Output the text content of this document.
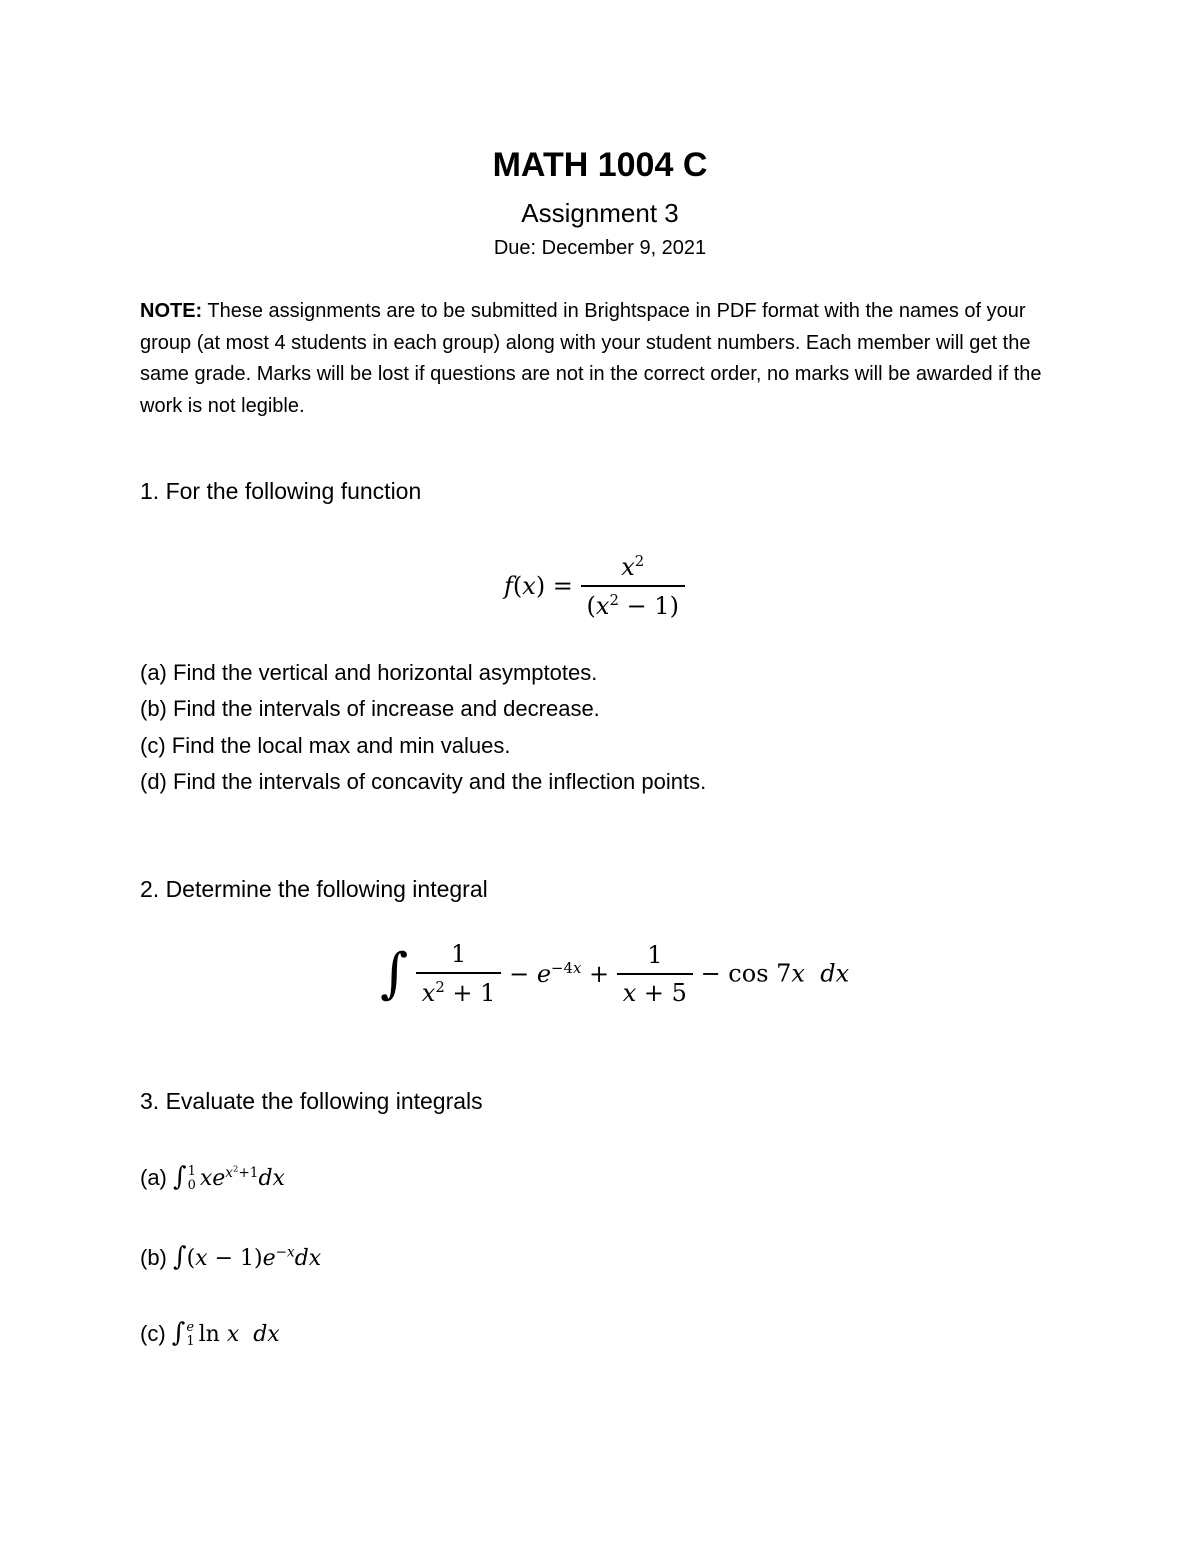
MATH 1004 C
Assignment 3
Due: December 9, 2021
NOTE: These assignments are to be submitted in Brightspace in PDF format with the names of your group (at most 4 students in each group) along with your student numbers. Each member will get the same grade. Marks will be lost if questions are not in the correct order, no marks will be awarded if the work is not legible.
1. For the following function
$f(x) = \frac{x^2}{(x^2 - 1)}$
(a) Find the vertical and horizontal asymptotes.
(b) Find the intervals of increase and decrease.
(c) Find the local max and min values.
(d) Find the intervals of concavity and the inflection points.
2. Determine the following integral
∫ $\frac{1}{x^2 + 1} - e^{-4x} + \frac{1}{x + 5} - \cos 7x$  dx
3. Evaluate the following integrals
(a) ∫ 1
0 $xe^{x^2+1}dx$
(b) $\int(x - 1)e^{-x}dx$
(c) ∫ e
1 ln x  dx
